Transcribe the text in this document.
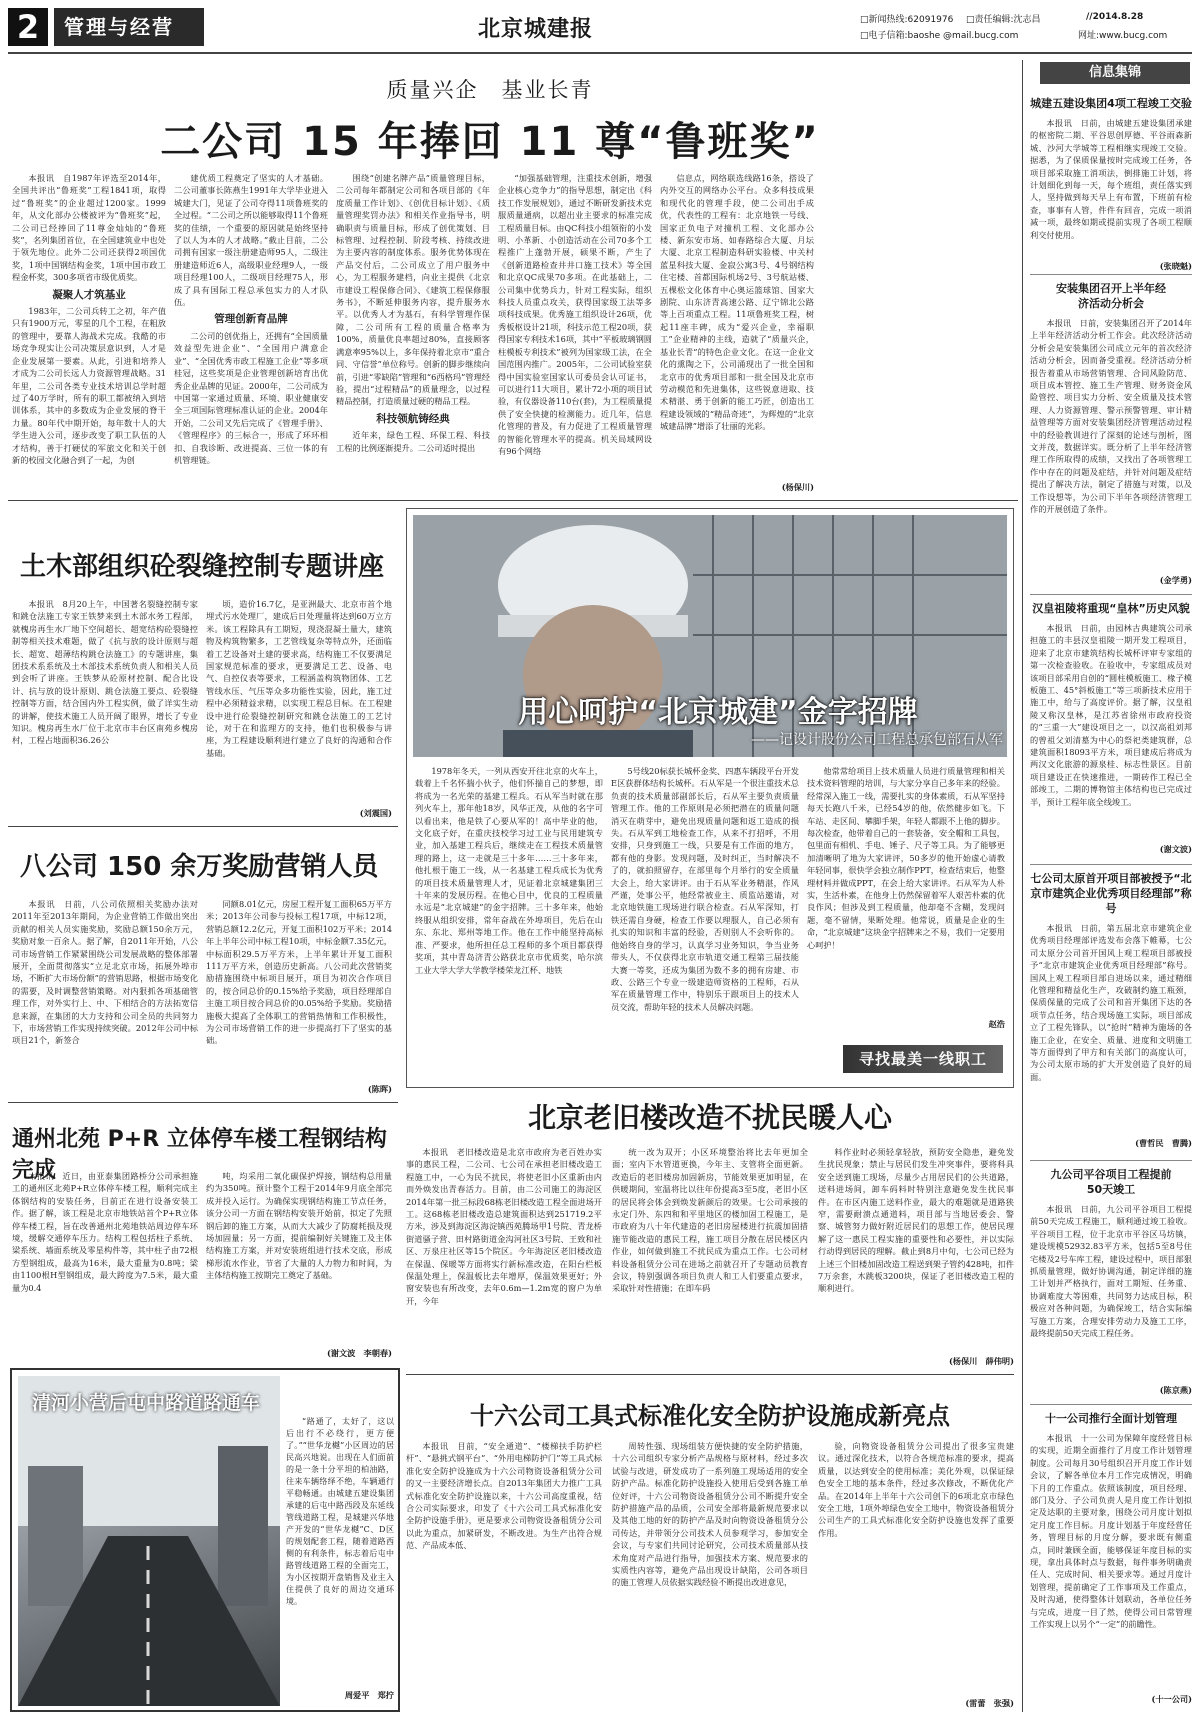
2	管理与经营	北京城建报	□新闻热线:62091976 □责任编辑:沈志昌	//2014.8.28
□电子信箱:baoshe @mail.bucg.com	网址:www.bucg.com
质量兴企　基业长青
二公司 15 年捧回 11 尊“鲁班奖”

本报讯　自1987年评选至2014年，全国共评出“鲁班奖”工程1841项，取得过“鲁班奖”的企业超过1200家。1999年，从文化部办公楼被评为“鲁班奖”起，二公司已经捧回了11尊金灿灿的“鲁班奖”，名列集团首位，在全国建筑业中也处于领先地位。此外二公司还获得2项国优奖，1项中国钢结构金奖，1项中国市政工程金杯奖，300多项省市级优质奖。

凝聚人才筑基业

1983年，二公司兵转工之初，年产值只有1900万元，零星的几个工程，在粗放的管理中，要靠人海战术完成。我酷的市场竞争现实让公司决策层意识到，人才是企业发展第一要素。从此，引进和培养人才成为二公司长远人力资源管理战略。31年里，二公司各类专业技术培训总学时超过了40万学时，所有的职工都被纳入到培训体系，其中的多数成为企业发展的脊干力量。80年代中期开始，每年数十人的大学生进入公司，逐步改变了职工队伍的人才结构，善于打硬仗的军旅文化和关于创新的校园文化融合到了一起，为创

建优质工程奠定了坚实的人才基础。二公司董事长陈燕生1991年大学毕业进入城建大门，见证了公司夺得11项鲁班奖的全过程。“二公司之所以能够取得11个鲁班奖的佳绩，一个重要的原因就是始终坚持了以人为本的人才战略。”截止目前，二公司拥有国家一级注册建造师95人，二级注册建造师近6人，高级职业经理9人，一级项目经理100人，二级项目经理75人，形成了具有国际工程总承包实力的人才队伍。

管理创新育品牌

二公司的创优指上，还拥有“全国质量效益型先进企业”、“全国用户满意企业”、“全国优秀市政工程施工企业”等多项桂冠，这些奖项是企业管理创新培育出优秀企业品牌的见证。2000年，二公司成为中国第一家通过质量、环境、职业健康安全三项国际管理标准认证的企业。2004年开始，二公司又先后完成了《管理手册》、《管理程序》的三标合一，形成了环环相扣、自我诊断、改进提高、三位一体的有机管理链。

围绕“创建名牌产品”质量管理目标，二公司每年都制定公司和各项目部的《年度质量工作计划》、《创优目标计划》、《质量管理奖罚办法》和相关作业指导书，明确职责与质量目标，形成了创优策划、目标管理、过程控制、阶段考核、持续改进为主要内容的制度体系。服务优势体现在产品交付后，二公司成立了用户服务中心，为工程服务建档，向业主提供《北京市建设工程保修合同》、《建筑工程保修服务书》，不断延伸服务内容，提升服务水平。以优秀人才为基石，有科学管理作保障，二公司所有工程的质量合格率为100%，质量优良率超过80%，直接顾客满意率95%以上，多年保持着北京市“重合同、守信誉”单位称号。创新的脚步继续向前，引进“零缺陷”管理和“6西格玛”管理经验，提出“过程精品”的质量理念，以过程精品控制，打造质量过硬的精品工程。

科技领航铸经典

近年来，绿色工程、环保工程、科技工程的比例逐渐提升。二公司适时提出

“加强基础管理，注重技术创新，增强企业核心竞争力”的指导思想，制定出《科技工作发展规划》，通过不断研发新技术克服质量通病，以超出业主要求的标准完成工程质量目标。由QC科技小组领衔的小发明、小革新、小创造活动在公司70多个工程推广上蓬勃开展，硕果不断，产生了《创新道路检查井井口施工技术》等全国和北京QC成果70多项。在此基础上，二公司集中优势兵力，针对工程实际，组织科技人员重点攻关，获得国家级工法等多项科技成果。优秀施工组织设计26项，优秀板枢设计21项，科技示范工程20项，获得国家专利技术16项，其中“平板玻璃钢圆柱模板专利技术”被列为国家级工法，在全国范围内推广。2005年，二公司试验室获得中国实验室国家认可委员会认可证书，可以进行11大项目，累计72小项的项目试验，有仪器设备110台(套)，为工程质量提供了安全快捷的检测能力。近几年，信息化管理的普及，有力促进了工程质量管理的智能化管理水平的提高。机关局域网设有96个网络

信息点，网络联选线路16条，搭设了内外交互的网络办公平台。众多科技成果和现代化的管理手段，使二公司出手成优，代表性的工程有：北京地铁一号线、国家正负电子对撞机工程、文化部办公楼、新东安市场、如春路综合大厦、月坛大厦、北京工程制造科研实验楼、中关村蓝星科技大厦、金寂公寓3号、4号钢结构住宅楼、首都国际机场2号、3号航站楼、五棵松文化体育中心奥运篮球馆、国家大剧院、山东济青高速公路、辽宁锦北公路等上百项重点工程。11项鲁班奖工程，树起11座丰碑，成为“爱兴企业，幸福职工”企业精神的主线，造就了“质量兴企，基业长青”的特色企业文化。在这一企业文化的熏陶之下，公司涌现出了一批全国和北京市的优秀项目部和一批全国及北京市劳动模范和先进集体，这些锐意进取、技术精湛、勇于创新的能工巧匠，创造出工程建设领域的“精品奇迹”，为辉煌的“北京城建品牌”增添了壮丽的光彩。

(杨保川)
土木部组织砼裂缝控制专题讲座

本报讯　8月20上午，中国著名裂缝控制专家和跳仓法施工专家王铁梦来到土木部水务工程部，就槐房再生水厂地下空间超长、超宽结构砼裂缝控制等相关技术难题，做了《抗与放的设计原则与超长、超宽、超薄结构跳仓法施工》的专题讲座，集团技术系系统及土木部技术系统负责人和相关人员到会听了讲座。王铁梦从砼原材控制、配合比设计、抗与放的设计原则、跳仓法施工要点、砼裂缝控制等方面，结合国内外工程实例，做了详实生动的讲解，使技术施工人员开阔了眼界，增长了专业知识。槐房再生水厂位于北京市丰台区南苑乡槐房村，工程占地面积36.26公

顷，造价16.7亿，是亚洲最大、北京市首个地埋式污水处理厂，建成后日处理量将达到60万立方米。该工程除具有工期短，现浇混凝土量大，建筑物及构筑物繁多，工艺管线复杂等特点外，还面临着工艺设备对土建的要求高，结构施工不仅要满足国家规范标准的要求，更要满足工艺、设备、电气、自控仪表等要求，工程涵盖构筑物团体、工艺管线水压、气压等众多功能性实验，因此，施工过程中必须精益求精，以实现工程总目标。在工程建设中进行砼裂缝控制研究和跳仓法施工的工艺讨论，对于在和监理方的支持，他们也积极参与讲座，为工程建设顺利进行建立了良好的沟通和合作基础。

(刘震国)
八公司 150 余万奖励营销人员

本报讯　日前，八公司依照相关奖励办法对2011年至2013年期间，为企业营销工作做出突出贡献的相关人员实施奖励，奖励总额150余万元，奖励对象一百余人。据了解，自2011年开始，八公司市场营销工作紧紧围绕公司发展战略的整体部署展开，全面贯彻落实“立足北京市场，拓展外埠市场，不断扩大市场份额”的营销思路，根据市场变化的需要，及时调整营销策略。对内狠抓各项基础管理工作，对外实行上、中、下相结合的方法拓宽信息来源，在集团的大力支持和公司全员的共同努力下，市场营销工作实现持续突破。2012年公司中标项目21个，新签合

同额8.01亿元，房屋工程开复工面积65万平方米；2013年公司参与投标工程17项，中标12项，营销总额12.2亿元，开复工面积102万平米；2014年上半年公司中标工程10项，中标金额7.35亿元，中标面积29.5万平方米，上半年累计开复工面积111万平方米，创造历史新高。八公司此次营销奖励措施围绕中标项目展开，项目为初次合作项目的，按合同总价的0.15%给予奖励，项目经理部自主施工项目按合同总价的0.05%给予奖励。奖励措施极大提高了全体职工的营销热情和工作积极性，为公司市场营销工作的进一步提高打下了坚实的基础。

(陈晖)
通州北苑 P+R 立体停车楼工程钢结构完成

本报讯　近日，由亚泰集团路桥分公司承担施工的通州区北苑P+R立体停车楼工程，顺利完成主体钢结构的安装任务，目前正在进行设备安装工作。据了解，该工程是北京市地铁站首个P+R立体停车楼工程，旨在改善通州北苑地铁站周边停车环境，缓解交通停车压力。结构工程包括柱子系统、梁系统、墙面系统及零星构件等，其中柱子由72根方型钢组成，最高为16米，最大重量为0.8吨；梁由1100根H型钢组成，最大跨度为7.5米，最大重量为0.4

吨，均采用二氧化碳保护焊接，钢结构总用量约为350吨。预计整个工程于2014年9月底全部完成并投入运行。为确保实现钢结构施工节点任务，该分公司一方面在钢结构安装开始前，拟定了先照钢后卸的施工方案，从而大大减少了防腐耗损及现场加固量；另一方面，提前编制好关键施工及主体结构施工方案，并对安装班组进行技术交底，形成梯形流水作业，节省了大量的人力物力和时间，为主体结构施工按期完工奠定了基础。

(谢文波　李朝春)
清河小营后屯中路道路通车

“路通了，太好了，这以后出行不必绕行，更方便了。”“世华龙樾”小区周边的居民高兴地说。出现在人们面前的是一条十分平坦的柏油路，往来车辆络绎不绝，车辆通行平稳畅通。由城建五建设集团承建的后屯中路西段及东延线管线道路工程，是城建兴华地产开发的“世华龙樾”C、D区的规划配套工程，随着道路西侧的有利条件，标志着后屯中路管线道路工程的全面完工，为小区按期开盘销售及业主入住提供了良好的周边交通环境。

周爱平　郑拧
用心呵护“北京城建”金字招牌
——记设计股份公司工程总承包部石从军

1978年冬天，一列从西安开往北京的火车上，载着上千名怀揣小伙子，他们怀揣自己的梦想，即将成为一名光荣的基建工程兵。石从军当时就在那列火车上，那年他18岁，风华正茂，从他的名字可以看出来，他是铁了心要从军的！高中毕业的他，文化底子好，在重庆技校学习过工业与民用建筑专业，加入基建工程兵后，继续走在工程技术质量管理的路上，这一走就是三十多年……三十多年来，他扎根于施工一线，从一名基建工程兵成长为优秀的项目技术质量管理人才，见证着北京城建集团三十年来的发展历程。在他心目中，优良的工程质量永远是“北京城建”的金字招牌。三十多年来，他始终服从组织安排，常年奋战在外埠项目，先后在山东、东北、郑州等地工作。他在工作中能坚持高标准、严要求，他所担任总工程师的多个项目都获得奖项，其中青岛济青公路获北京市优质奖，哈尔滨工业大学大学大学教学楼荣龙江杯、地铁

5号线20标获长城杯金奖、四惠车辆段平台开发E区获群体结构长城杯。石从军是一个很注重技术总负责的技术质量部副部长后，石从军主要负责质量管理工作。他的工作原则是必须把潜在的质量问题消灭在萌芽中，避免出现质量问题和返工造成的损失。石从军到工地检查工作，从来不打招呼，不用安排，只身到施工一线，只要是有工作面的地方，都有他的身影。发现问题，及时纠正，当时解决不了的，就拍照留存，在部里每个月举行的安全质量大会上，给大家讲评。由于石从军业务精湛，作风严谨，处事公平，他经常被业主、质监站邀请，对北京地铁施工现场进行联合检查。石从军深知，打铁还需自身硬，检查工作要以理服人，自己必须有扎实的知识和丰富的经验，否则别人不会听你的。他始终自身的学习，认真学习业务知识，争当业务带头人，不仅获得北京市轨道交通工程第三届技能大赛一等奖，还成为集团为数不多的拥有房建、市政、公路三个专业一级建造师资格的工程师，石从军在质量管理工作中，特别乐于跟项目上的技术人员交流，帮助年轻的技术人员解决问题。

他常常给项目上技术质量人员进行质量管理和相关技术资料管理的培训，与大家分享自己多年来的经验。经常深入施工一线，需要扎实的身体素质，石从军坚持每天长跑八千米，已经54岁的他，依然健步如飞。下车站、走区间、攀脚手架，年轻人都跟不上他的脚步。每次检查，他带着自己的一套装备，安全帽和工具包，包里面有相机、手电、锤子、尺子等工具。为了能够更加清晰明了地为大家讲评，50多岁的他开始虚心请教年轻同事，很快学会独立制作PPT，检查结束后，他整理材料并做成PPT，在会上给大家讲评。石从军为人朴实，生活朴素，在他身上仍然保留着军人艰苦朴素的优良作风；但涉及到工程质量，他却毫不含糊，发现问题，毫不留情，果断处理。他常说，质量是企业的生命，“北京城建”这块金字招牌来之不易，我们一定要用心呵护！

赵浩
寻找最美一线职工
北京老旧楼改造不扰民暖人心

本报讯　老旧楼改造是北京市政府为老百姓办实事的惠民工程，二公司、七公司在承担老旧楼改造工程施工中，一心为民不扰民，将使老旧小区重新由内而外焕发出青春活力。目前，由二公司施工的海淀区2014年第一批三标段68栋老旧楼改造工程全面进场开工。这68栋老旧楼改造总建筑面积达到251719.2平方米，涉及到海淀区海淀镇西苑腾场甲1号院、青龙桥街道骚子营、田村路街道金沟河社区3号院、王致和社区、万泉庄社区等15个院区。今年海淀区老旧楼改造在保温、保暖等方面将实行新标准改造，在阳台栏板保温处理上，保温板比去年增厚，保温效果更好；外窗安装也有所改变，去年0.6m—1.2m宽的窗户为单开，今年

统一改为双开；小区环境整治将比去年更加全面；室内下水管道更换，今年主、支管将全面更新。改造后的老旧楼房加固新房，节能效果更加明显，在供暖期间，室温将比以往年份提高3至5度，老旧小区的居民将会体会到焕发新颜后的效果。七公司承接的永定门外、东四和和平里地区的楼加固工程施工，是市政府为八十年代建造的老旧房屋楼进行抗震加固措施节能改造的惠民工程，施工项目分散在居民楼区内作业，如何做到施工不扰民成为重点工作。七公司材料设备租赁分公司在进场之前就召开了专题动员教育会议，特别强调各项目负责人和工人们要重点要求，采取针对性措施；在即车码

料作业时必须轻拿轻放，预防安全隐患，避免发生扰民现象；禁止与居民们发生冲突事件，要将科具安全送到施工现场，尽量少占用居民们的公共道路，送料进场间，卸车码料时特别注意避免发生扰民事件。在市区内施工送料作业，最大的难题就是道路狭窄，需要耐溃点通道料，项目部与当地居委会、警察、城管努力做好附近居民们的思想工作，使居民理解了这一惠民工程实施的重要性和必要性，并以实际行动得到居民的理解。截止到8月中旬，七公司已经为上述三个旧楼加固改造工程送到架子管约428吨，扣件7万余套，木跳板3200块，保证了老旧楼改造工程的顺利进行。

(杨保川　薛伟明)
十六公司工具式标准化安全防护设施成新亮点

本报讯　目前，“安全通道”、“楼梯扶手防护栏杆”、“悬挑式钢平台”、“外用电梯防护门”等工具式标准化安全防护设施成为十六公司物资设备租赁分公司的又一主要经济增长点。自2013年集团大力推广工具式标准化安全防护设施以来，十六公司高度重视，结合公司实际要求，印发了《十六公司工具式标准化安全防护设施手册》，更是要求公司物资设备租赁分公司以此为重点，加紧研发，不断改进。为生产出符合规范、产品成本低、

周转性强、现场组装方便快捷的安全防护措施，十六公司组织专家分析产品规格与原材料，经过多次试验与改进，研发成功了一系列施工现场适用的安全防护产品。标准化防护设施投入使用后受到各施工单位好评，十六公司物资设备租赁分公司不断提升安全防护措施产品的品质，公司安全部将最新规范要求以及其他工地的好的防护产品及时向物资设备租赁分公司传达，并带领分公司技术人员参观学习，参加安全会议，与专家们共同讨论研究，公司技术质量部从技术角度对产品进行指导，加强技术方案、规范要求的实质性内容等，避免产品出现设计缺陷，公司各项目的施工管理人员依据实践经验不断提出改进意见，

验，向物资设备租赁分公司提出了很多宝贵建议。通过深化技术，以符合各规范标准的要求，提高质量，以达到安全的使用标准；美化外观，以保证绿色安全工地的基本条件，经过多次修改，不断优化产品。在2014年上半年十六公司创下的6项北京市绿色安全工地，1项外埠绿色安全工地中，物资设备租赁分公司生产的工具式标准化安全防护设施也发挥了重要作用。

(雷蕾　张强)
信息集锦
城建五建设集团4项工程竣工交验

本报讯　日前，由城建五建设集团承建的枢密院二期、平谷思创厚德、平谷雨森新城、沙河大学城等工程相继实现竣工交验。据悉，为了保质保量按时完成竣工任务，各项目部采取施工消项法，倒排施工计划，将计划细化到每一天，每个班组，责任落实到人，坚持做到每天早上有布置，下班前有检查，事事有人管，件件有回音，完成一项消减一项，最终如期或提前实现了各项工程顺利交付使用。

(张晓魁)
安装集团召开上半年经济活动分析会

本报讯　日前，安装集团召开了2014年上半年经济活动分析工作会。此次经济活动分析会是安装集团公司成立元年的首次经济活动分析会，因而备受重视。经济活动分析报告着重从市场营销管理、合同风险防范、项目成本管控、施工生产管理、财务资金风险管控、项目实力分析、安全质量及技术管理、人力资源管理、警示预警管理、审计精益管理等方面对安装集团经济管理活动过程中的经验教训进行了深刻的论述与剖析，图文并茂，数据详实。既分析了上半年经济管理工作所取得的成绩，又找出了各项管理工作中存在的问题及症结，并针对问题及症结提出了解决方法，制定了措施与对策，以及工作设想等，为公司下半年各项经济管理工作的开展创造了条件。

(金学勇)
汉皇祖陵将重现“皇林”历史风貌

本报讯　日前，由园林古典建筑公司承担施工的丰县汉皇祖陵一期开发工程项目，迎来了北京市建筑结构长城杯评审专家组的第一次检查验收。在验收中，专家组成员对该项目部采用自创的“圆柱模板施工、椽子模板施工、45°斜板施工”等三项新技术应用于施工中，给与了高度评价。据了解，汉皇祖陵又称汉皇林，是江苏省徐州市政府投资的“三重一大”建设项目之一，以汉高祖刘邦的曾祖父刘清墓为中心的祭祀类建筑群，总建筑面积18093平方米，项目建成后将成为两汉文化旅游的源泉桂、标志性景区。目前项目建设正在快速推进，一期砖作工程已全部竣工，二期的博物馆主体结构也已完成过半，预计工程年底全线竣工。

(谢文波)
七公司太原首开项目部被授予“北京市建筑企业优秀项目经理部”称号

本报讯　日前，第五届北京市建筑企业优秀项目经理部评选发布会落下帷幕，七公司太原分公司首开国风上观工程项目部被授予“北京市建筑企业优秀项目经理部”称号。国风上观工程项目部自进场以来，通过精细化管理和精益化生产，攻破制约施工瓶颈，保质保量的完成了公司和首开集团下达的各项节点任务，结合现场施工实际，项目部成立了工程先锋队，以“抢时”精神为施场的各施工企业，在安全、质量、进度和文明施工等方面得到了甲方和有关部门的高度认可，为公司太原市场的扩大开发创造了良好的局面。

(曹哲民　曹腾)
九公司平谷项目工程提前50天竣工

本报讯　日前，九公司平谷项目工程提前50天完成工程施工，顺利通过竣工验收。平谷项目工程，位于北京市平谷区马坊镇，建设规模52932.83平方米，包括5至8号住宅楼及2号车库工程，建设过程中，项目部狠抓质量管理，做好协调沟通，制定详细的施工计划并严格执行，面对工期短、任务重、协调难度大等困难，共同努力达成目标，积极应对各种问题，为确保竣工，结合实际编写施工方案，合理安排劳动力及施工工序，最终提前50天完成工程任务。

(陈京燕)
十一公司推行全面计划管理

本报讯　十一公司为保障年度经营目标的实现，近期全面推行了月度工作计划管理制度。公司每月30号组织召开月度工作计划会议，了解各单位本月工作完成情况，明确下月的工作重点。依照该制度，项目经理、部门及分、子公司负责人是月度工作计划拟定及达职的主要对象，围绕公司月度计划拟定月度工作目标。月度计划基于年度经营任务，管理目标的月度分解，要求既有侧重点，同时兼顾全面，能够保证年度目标的实现，拿出具体时点与数据，每件事务明确责任人、完成时间、相关要求等。通过月度计划管理，提前确定了工作事项及工作重点，及时沟通，使得整体计划联动，各单位任务与完成，进度一目了然，使得公司日常管理工作实现上以另个“一定”的前瞻性。

(十一公司)
